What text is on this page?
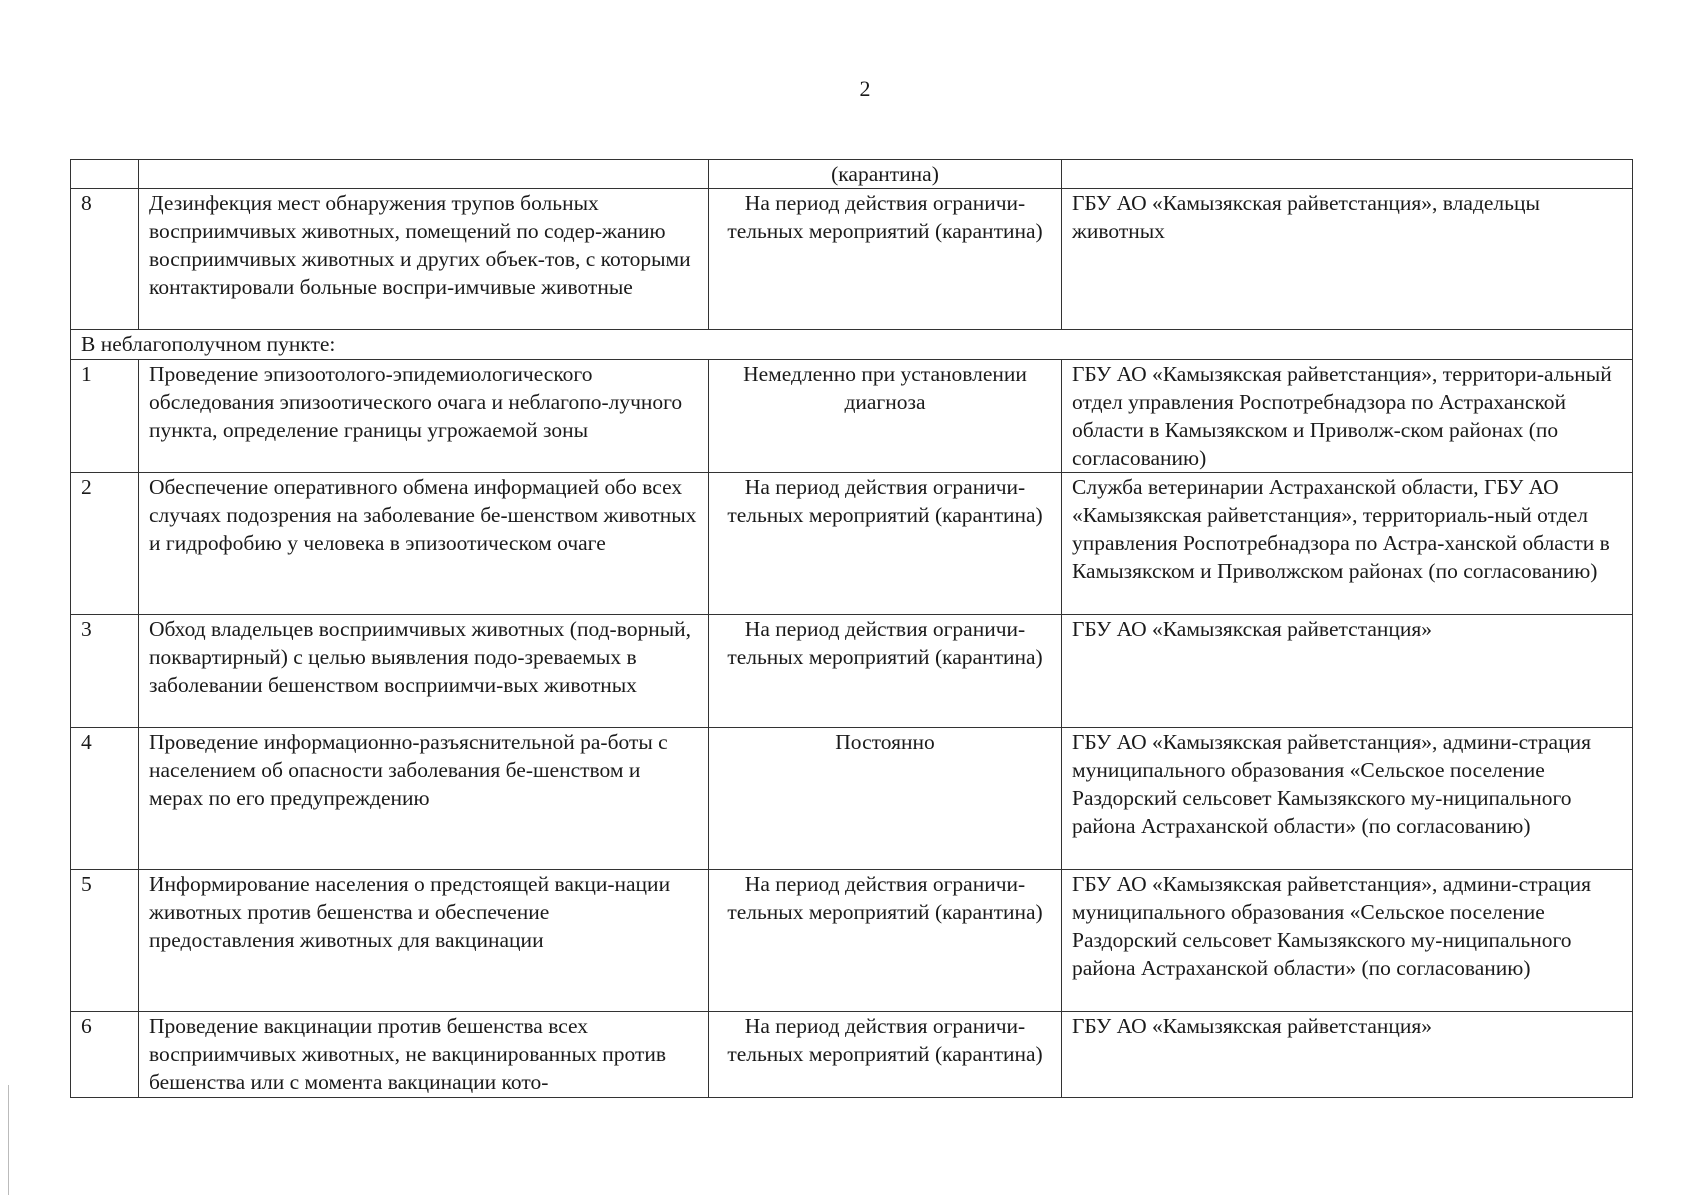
2
		(карантина)	
8	Дезинфекция мест обнаружения трупов больных восприимчивых животных, помещений по содер-жанию восприимчивых животных и других объек-тов, с которыми контактировали больные воспри-имчивые животные	На период действия ограничи-тельных мероприятий (карантина)	ГБУ АО «Камызякская райветстанция», владельцы животных
В неблагополучном пункте:			
1	Проведение эпизоотолого-эпидемиологического обследования эпизоотического очага и неблагопо-лучного пункта, определение границы угрожаемой зоны	Немедленно при установлении диагноза	ГБУ АО «Камызякская райветстанция», территори-альный отдел управления Роспотребнадзора по Астраханской области в Камызякском и Приволж-ском районах (по согласованию)
2	Обеспечение оперативного обмена информацией обо всех случаях подозрения на заболевание бе-шенством животных и гидрофобию у человека в эпизоотическом очаге	На период действия ограничи-тельных мероприятий (карантина)	Служба ветеринарии Астраханской области, ГБУ АО «Камызякская райветстанция», территориаль-ный отдел управления Роспотребнадзора по Астра-ханской области в Камызякском и Приволжском районах (по согласованию)
3	Обход владельцев восприимчивых животных (под-ворный, поквартирный) с целью выявления подо-зреваемых в заболевании бешенством восприимчи-вых животных	На период действия ограничи-тельных мероприятий (карантина)	ГБУ АО «Камызякская райветстанция»
4	Проведение информационно-разъяснительной ра-боты с населением об опасности заболевания бе-шенством и мерах по его предупреждению	Постоянно	ГБУ АО «Камызякская райветстанция», админи-страция муниципального образования «Сельское поселение Раздорский сельсовет Камызякского му-ниципального района Астраханской области» (по согласованию)
5	Информирование населения о предстоящей вакци-нации животных против бешенства и обеспечение предоставления животных для вакцинации	На период действия ограничи-тельных мероприятий (карантина)	ГБУ АО «Камызякская райветстанция», админи-страция муниципального образования «Сельское поселение Раздорский сельсовет Камызякского му-ниципального района Астраханской области» (по согласованию)
6	Проведение вакцинации против бешенства всех восприимчивых животных, не вакцинированных против бешенства или с момента вакцинации кото-	На период действия ограничи-тельных мероприятий (карантина)	ГБУ АО «Камызякская райветстанция»
